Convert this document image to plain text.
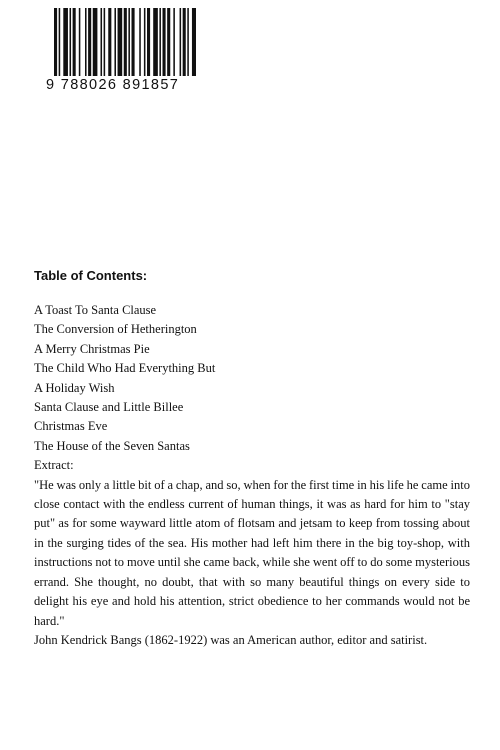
9 788026 891857
Table of Contents:
A Toast To Santa Clause
The Conversion of Hetherington
A Merry Christmas Pie
The Child Who Had Everything But
A Holiday Wish
Santa Clause and Little Billee
Christmas Eve
The House of the Seven Santas
Extract:

"He was only a little bit of a chap, and so, when for the first time in his life he came into close contact with the endless current of human things, it was as hard for him to "stay put" as for some wayward little atom of flotsam and jetsam to keep from tossing about in the surging tides of the sea. His mother had left him there in the big toy-shop, with instructions not to move until she came back, while she went off to do some mysterious errand. She thought, no doubt, that with so many beautiful things on every side to delight his eye and hold his attention, strict obedience to her commands would not be hard."

John Kendrick Bangs (1862-1922) was an American author, editor and satirist.
